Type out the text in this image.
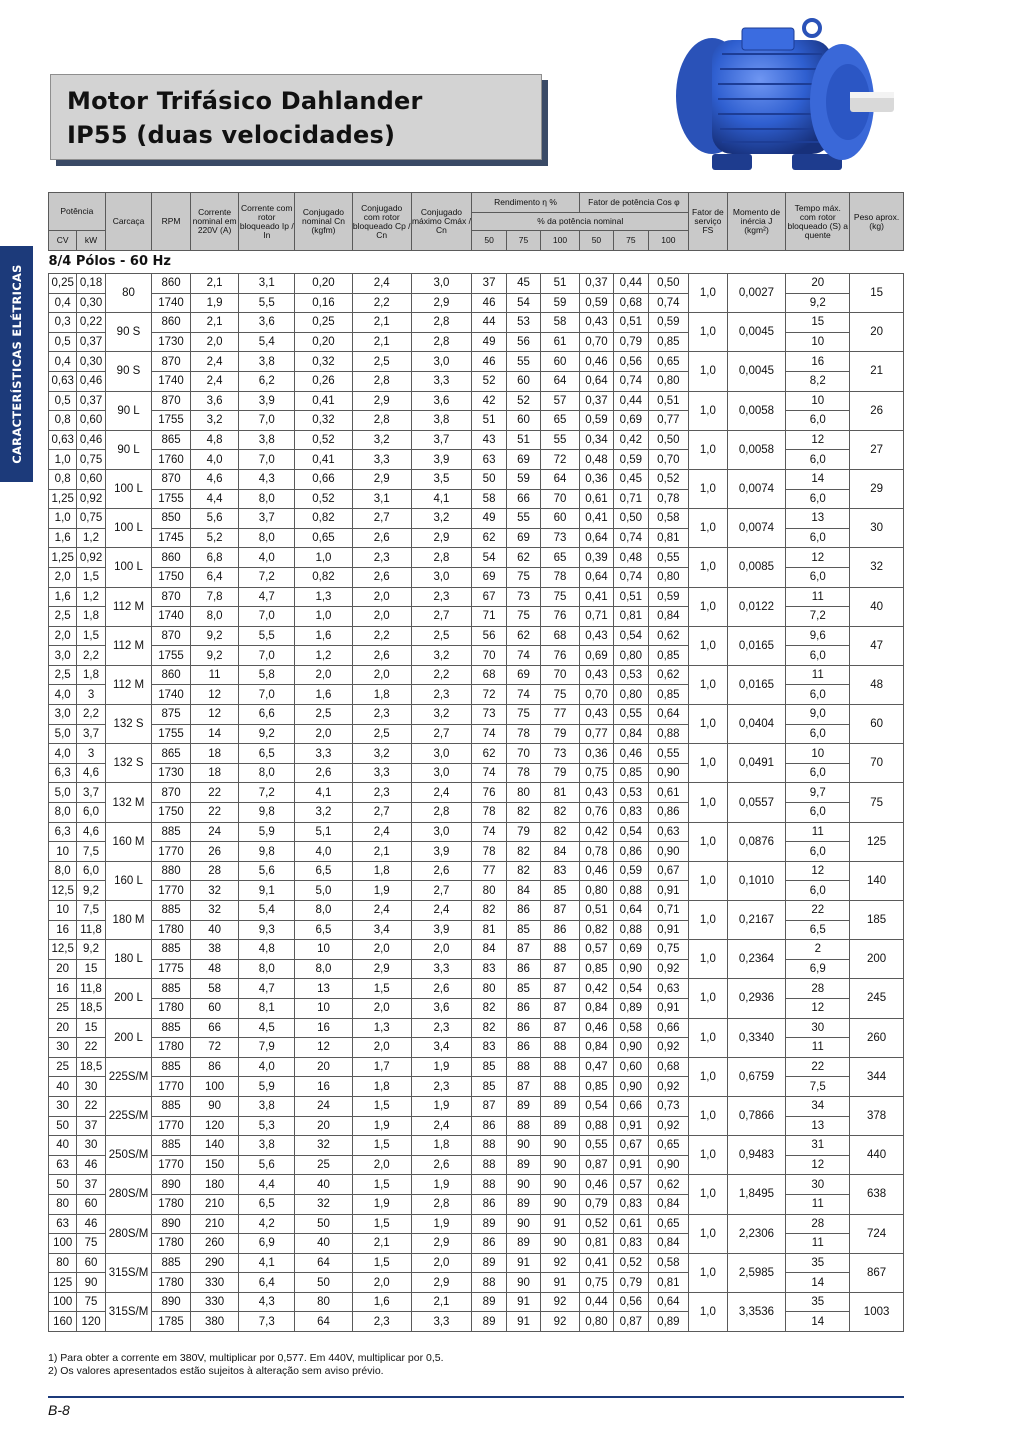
Motor Trifásico Dahlander
IP55 (duas velocidades)
CARACTERÍSTICAS ELÉTRICAS
Potência		Carcaça	RPM	Corrente nominal em 220V (A)	Corrente com rotor bloqueado Ip / In	Conjugado nominal Cn (kgfm)	Conjugado com rotor bloqueado Cp / Cn	Conjugado máximo Cmáx / Cn	Rendimento η %			Fator de potência Cos φ			Fator de serviço FS	Momento de inércia J (kgm²)	Tempo máx. com rotor bloqueado (S) a quente	Peso aprox. (kg)
									% da potência nominal									
CV	kW								50	75	100	50	75	100				
8/4 Pólos - 60 Hz																		
0,25	0,18	80	860	2,1	3,1	0,20	2,4	3,0	37	45	51	0,37	0,44	0,50	1,0	0,0027	20	15
0,4	0,30		1740	1,9	5,5	0,16	2,2	2,9	46	54	59	0,59	0,68	0,74			9,2	
0,3	0,22	90 S	860	2,1	3,6	0,25	2,1	2,8	44	53	58	0,43	0,51	0,59	1,0	0,0045	15	20
0,5	0,37		1730	2,0	5,4	0,20	2,1	2,8	49	56	61	0,70	0,79	0,85			10	
0,4	0,30	90 S	870	2,4	3,8	0,32	2,5	3,0	46	55	60	0,46	0,56	0,65	1,0	0,0045	16	21
0,63	0,46		1740	2,4	6,2	0,26	2,8	3,3	52	60	64	0,64	0,74	0,80			8,2	
0,5	0,37	90 L	870	3,6	3,9	0,41	2,9	3,6	42	52	57	0,37	0,44	0,51	1,0	0,0058	10	26
0,8	0,60		1755	3,2	7,0	0,32	2,8	3,8	51	60	65	0,59	0,69	0,77			6,0	
0,63	0,46	90 L	865	4,8	3,8	0,52	3,2	3,7	43	51	55	0,34	0,42	0,50	1,0	0,0058	12	27
1,0	0,75		1760	4,0	7,0	0,41	3,3	3,9	63	69	72	0,48	0,59	0,70			6,0	
0,8	0,60	100 L	870	4,6	4,3	0,66	2,9	3,5	50	59	64	0,36	0,45	0,52	1,0	0,0074	14	29
1,25	0,92		1755	4,4	8,0	0,52	3,1	4,1	58	66	70	0,61	0,71	0,78			6,0	
1,0	0,75	100 L	850	5,6	3,7	0,82	2,7	3,2	49	55	60	0,41	0,50	0,58	1,0	0,0074	13	30
1,6	1,2		1745	5,2	8,0	0,65	2,6	2,9	62	69	73	0,64	0,74	0,81			6,0	
1,25	0,92	100 L	860	6,8	4,0	1,0	2,3	2,8	54	62	65	0,39	0,48	0,55	1,0	0,0085	12	32
2,0	1,5		1750	6,4	7,2	0,82	2,6	3,0	69	75	78	0,64	0,74	0,80			6,0	
1,6	1,2	112 M	870	7,8	4,7	1,3	2,0	2,3	67	73	75	0,41	0,51	0,59	1,0	0,0122	11	40
2,5	1,8		1740	8,0	7,0	1,0	2,0	2,7	71	75	76	0,71	0,81	0,84			7,2	
2,0	1,5	112 M	870	9,2	5,5	1,6	2,2	2,5	56	62	68	0,43	0,54	0,62	1,0	0,0165	9,6	47
3,0	2,2		1755	9,2	7,0	1,2	2,6	3,2	70	74	76	0,69	0,80	0,85			6,0	
2,5	1,8	112 M	860	11	5,8	2,0	2,0	2,2	68	69	70	0,43	0,53	0,62	1,0	0,0165	11	48
4,0	3		1740	12	7,0	1,6	1,8	2,3	72	74	75	0,70	0,80	0,85			6,0	
3,0	2,2	132 S	875	12	6,6	2,5	2,3	3,2	73	75	77	0,43	0,55	0,64	1,0	0,0404	9,0	60
5,0	3,7		1755	14	9,2	2,0	2,5	2,7	74	78	79	0,77	0,84	0,88			6,0	
4,0	3	132 S	865	18	6,5	3,3	3,2	3,0	62	70	73	0,36	0,46	0,55	1,0	0,0491	10	70
6,3	4,6		1730	18	8,0	2,6	3,3	3,0	74	78	79	0,75	0,85	0,90			6,0	
5,0	3,7	132 M	870	22	7,2	4,1	2,3	2,4	76	80	81	0,43	0,53	0,61	1,0	0,0557	9,7	75
8,0	6,0		1750	22	9,8	3,2	2,7	2,8	78	82	82	0,76	0,83	0,86			6,0	
6,3	4,6	160 M	885	24	5,9	5,1	2,4	3,0	74	79	82	0,42	0,54	0,63	1,0	0,0876	11	125
10	7,5		1770	26	9,8	4,0	2,1	3,9	78	82	84	0,78	0,86	0,90			6,0	
8,0	6,0	160 L	880	28	5,6	6,5	1,8	2,6	77	82	83	0,46	0,59	0,67	1,0	0,1010	12	140
12,5	9,2		1770	32	9,1	5,0	1,9	2,7	80	84	85	0,80	0,88	0,91			6,0	
10	7,5	180 M	885	32	5,4	8,0	2,4	2,4	82	86	87	0,51	0,64	0,71	1,0	0,2167	22	185
16	11,8		1780	40	9,3	6,5	3,4	3,9	81	85	86	0,82	0,88	0,91			6,5	
12,5	9,2	180 L	885	38	4,8	10	2,0	2,0	84	87	88	0,57	0,69	0,75	1,0	0,2364	2	200
20	15		1775	48	8,0	8,0	2,9	3,3	83	86	87	0,85	0,90	0,92			6,9	
16	11,8	200 L	885	58	4,7	13	1,5	2,6	80	85	87	0,42	0,54	0,63	1,0	0,2936	28	245
25	18,5		1780	60	8,1	10	2,0	3,6	82	86	87	0,84	0,89	0,91			12	
20	15	200 L	885	66	4,5	16	1,3	2,3	82	86	87	0,46	0,58	0,66	1,0	0,3340	30	260
30	22		1780	72	7,9	12	2,0	3,4	83	86	88	0,84	0,90	0,92			11	
25	18,5	225S/M	885	86	4,0	20	1,7	1,9	85	88	88	0,47	0,60	0,68	1,0	0,6759	22	344
40	30		1770	100	5,9	16	1,8	2,3	85	87	88	0,85	0,90	0,92			7,5	
30	22	225S/M	885	90	3,8	24	1,5	1,9	87	89	89	0,54	0,66	0,73	1,0	0,7866	34	378
50	37		1770	120	5,3	20	1,9	2,4	86	88	89	0,88	0,91	0,92			13	
40	30	250S/M	885	140	3,8	32	1,5	1,8	88	90	90	0,55	0,67	0,65	1,0	0,9483	31	440
63	46		1770	150	5,6	25	2,0	2,6	88	89	90	0,87	0,91	0,90			12	
50	37	280S/M	890	180	4,4	40	1,5	1,9	88	90	90	0,46	0,57	0,62	1,0	1,8495	30	638
80	60		1780	210	6,5	32	1,9	2,8	86	89	90	0,79	0,83	0,84			11	
63	46	280S/M	890	210	4,2	50	1,5	1,9	89	90	91	0,52	0,61	0,65	1,0	2,2306	28	724
100	75		1780	260	6,9	40	2,1	2,9	86	89	90	0,81	0,83	0,84			11	
80	60	315S/M	885	290	4,1	64	1,5	2,0	89	91	92	0,41	0,52	0,58	1,0	2,5985	35	867
125	90		1780	330	6,4	50	2,0	2,9	88	90	91	0,75	0,79	0,81			14	
100	75	315S/M	890	330	4,3	80	1,6	2,1	89	91	92	0,44	0,56	0,64	1,0	3,3536	35	1003
160	120		1785	380	7,3	64	2,3	3,3	89	91	92	0,80	0,87	0,89			14	
1) Para obter a corrente em 380V, multiplicar por 0,577. Em 440V, multiplicar por 0,5.
2) Os valores apresentados estão sujeitos à alteração sem aviso prévio.
B-8
